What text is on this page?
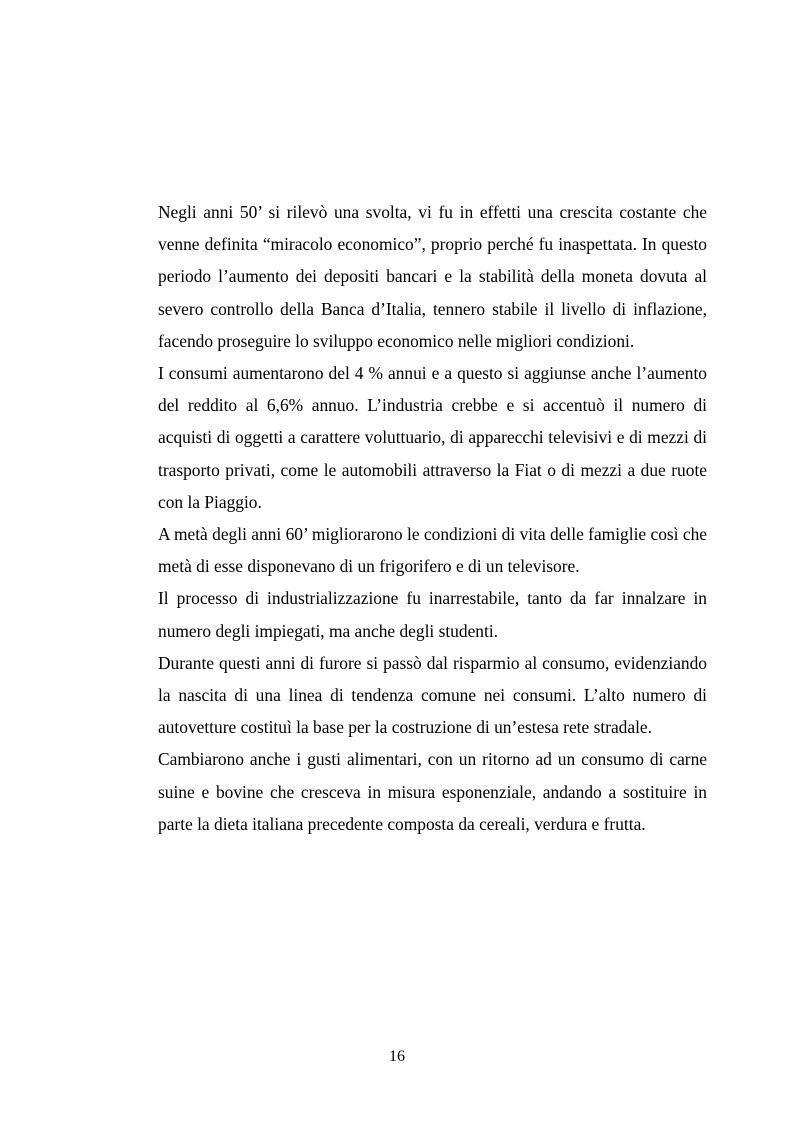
Negli anni 50’ si rilevò una svolta, vi fu in effetti una crescita costante che venne definita “miracolo economico”, proprio perché fu inaspettata. In questo periodo l’aumento dei depositi bancari e la stabilità della moneta dovuta al severo controllo della Banca d’Italia, tennero stabile il livello di inflazione, facendo proseguire lo sviluppo economico nelle migliori condizioni.

I consumi aumentarono del 4 % annui e a questo si aggiunse anche l’aumento del reddito al 6,6% annuo. L’industria crebbe e si accentuò il numero di acquisti di oggetti a carattere voluttuario, di apparecchi televisivi e di mezzi di trasporto privati, come le automobili attraverso la Fiat o di mezzi a due ruote con la Piaggio.

A metà degli anni 60’ migliorarono le condizioni di vita delle famiglie così che metà di esse disponevano di un frigorifero e di un televisore.

Il processo di industrializzazione fu inarrestabile, tanto da far innalzare in numero degli impiegati, ma anche degli studenti.

Durante questi anni di furore si passò dal risparmio al consumo, evidenziando la nascita di una linea di tendenza comune nei consumi. L’alto numero di autovetture costituì la base per la costruzione di un’estesa rete stradale.

Cambiarono anche i gusti alimentari, con un ritorno ad un consumo di carne suine e bovine che cresceva in misura esponenziale, andando a sostituire in parte la dieta italiana precedente composta da cereali, verdura e frutta.

16
